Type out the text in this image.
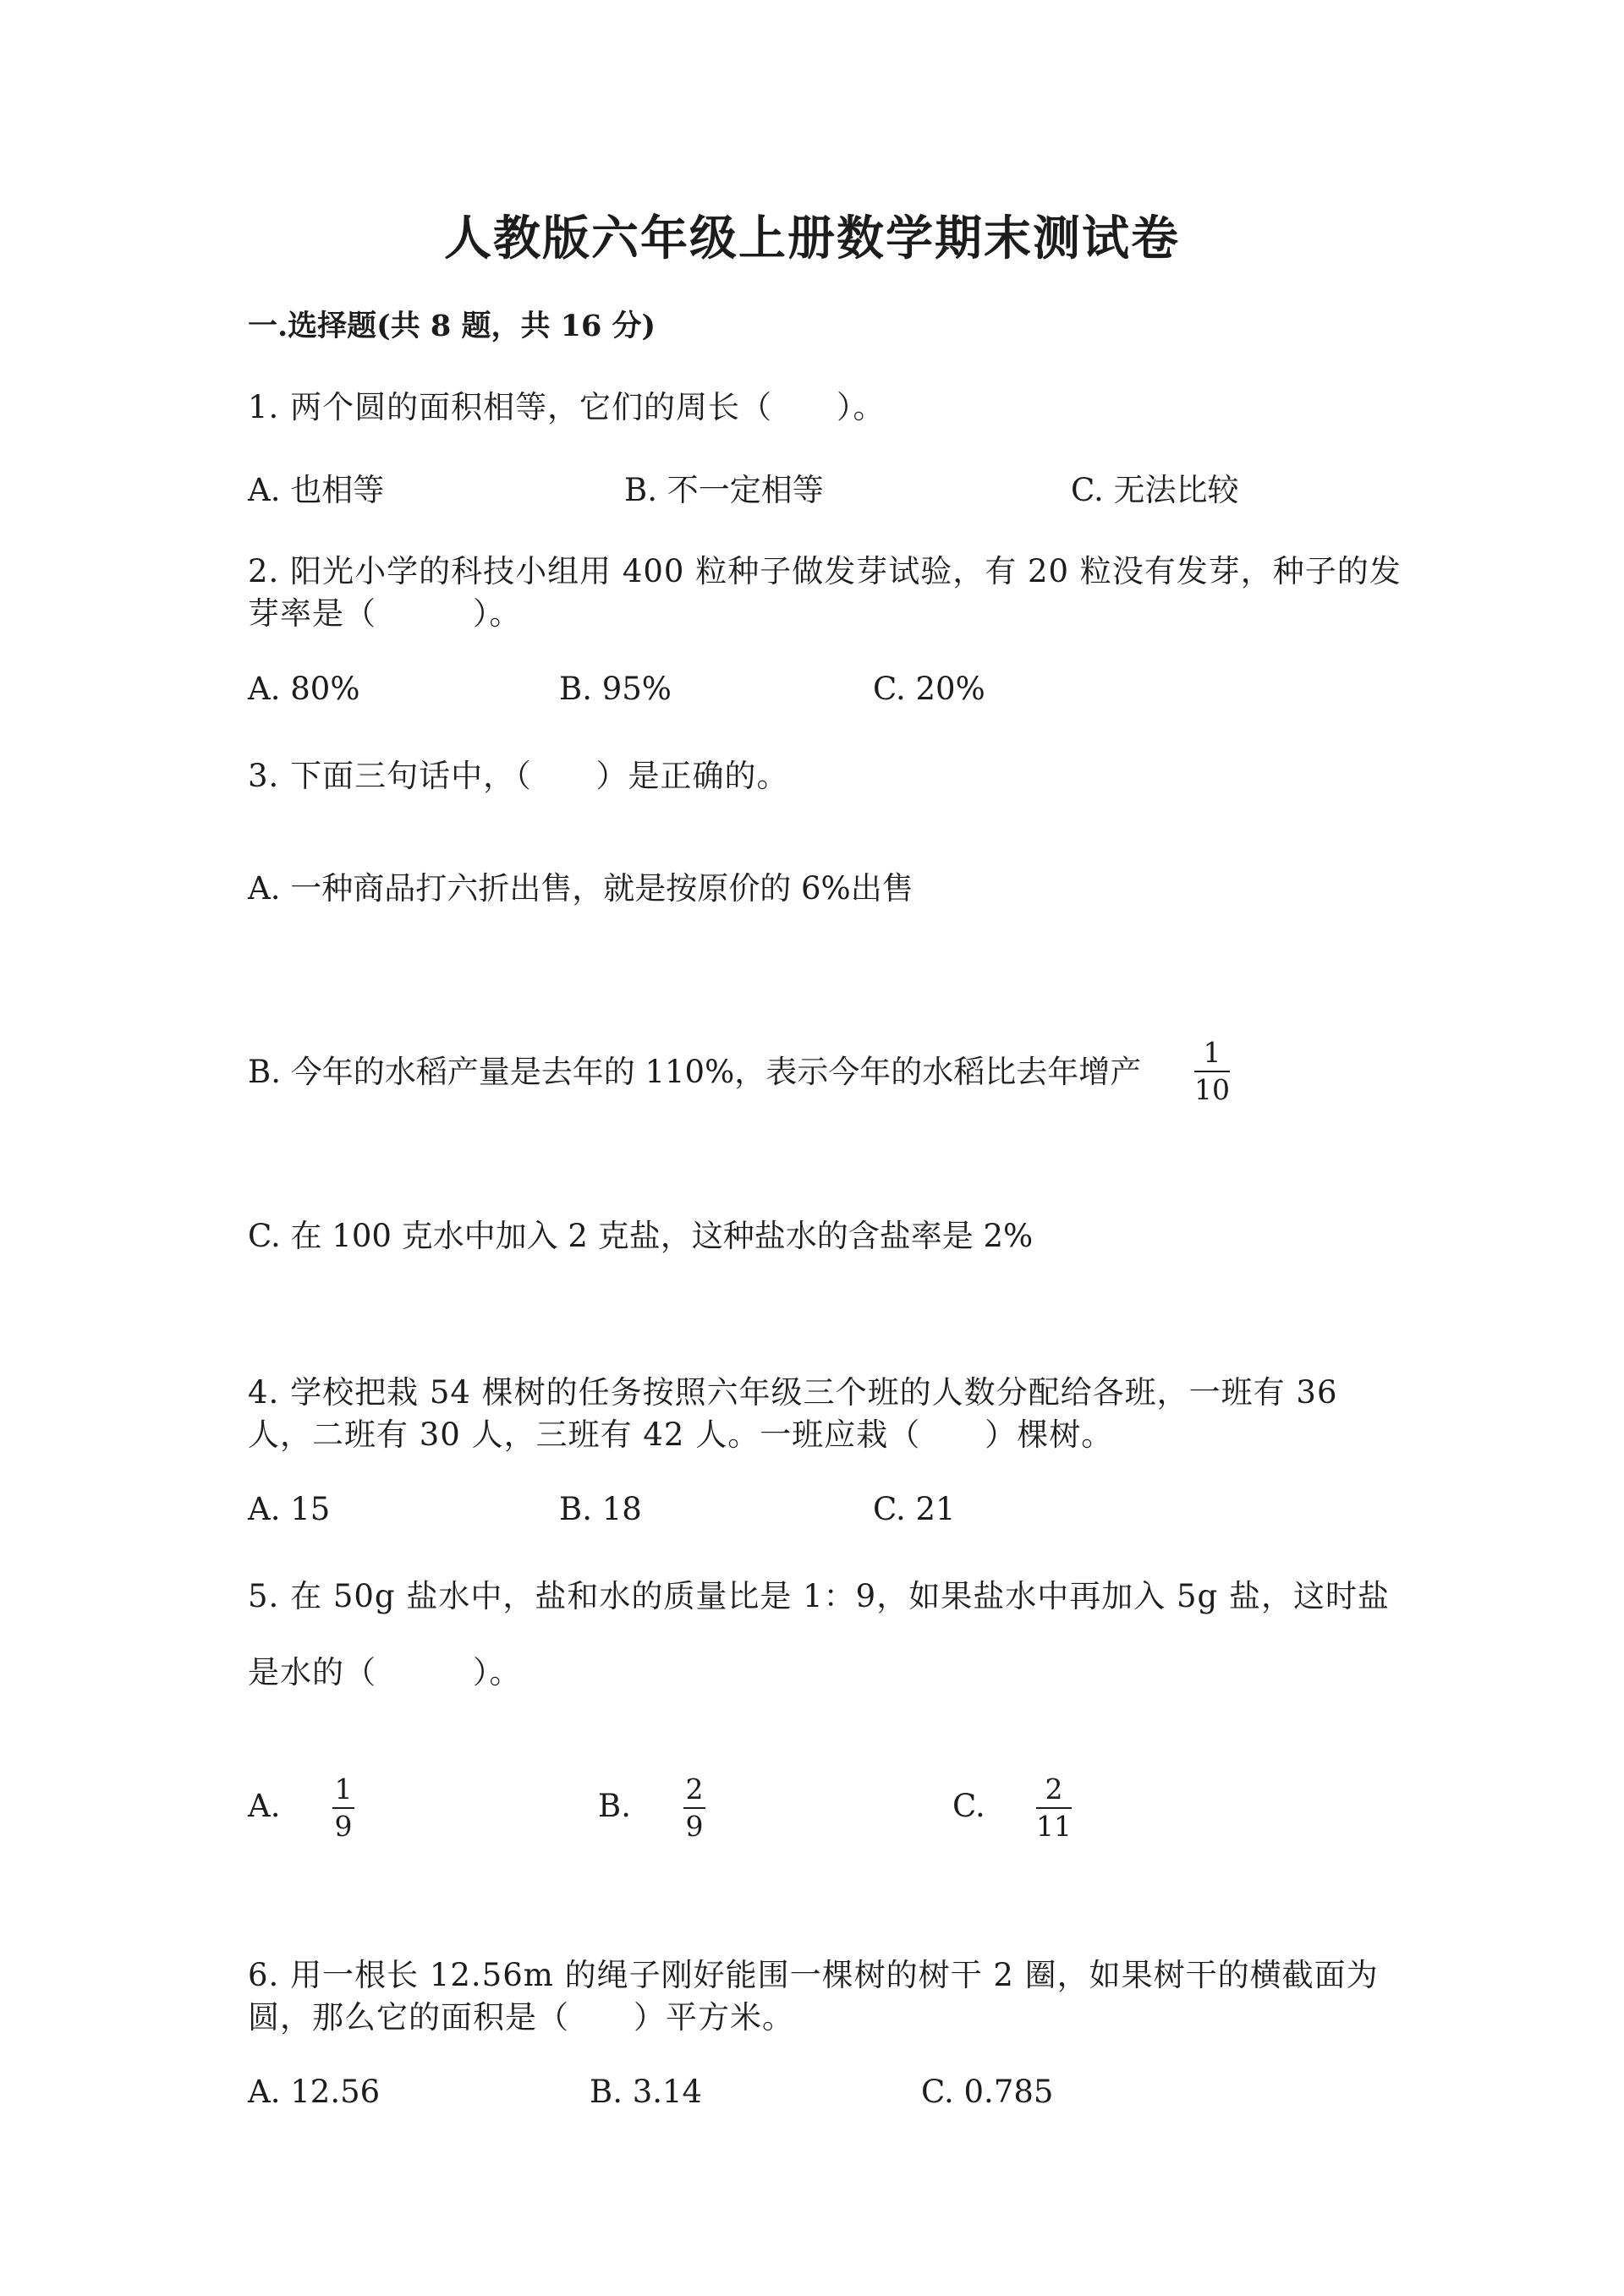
人教版六年级上册数学期末测试卷
一.选择题(共 8 题，共 16 分)
1. 两个圆的面积相等，它们的周长（　　）。
A. 也相等	B. 不一定相等	C. 无法比较
2. 阳光小学的科技小组用 400 粒种子做发芽试验，有 20 粒没有发芽，种子的发
芽率是（　　　）。
A. 80%	B. 95%	C. 20%
3. 下面三句话中，（　　）是正确的。
A. 一种商品打六折出售，就是按原价的 6%出售
B. 今年的水稻产量是去年的 110%，表示今年的水稻比去年增产
1
10
C. 在 100 克水中加入 2 克盐，这种盐水的含盐率是 2%
4. 学校把栽 54 棵树的任务按照六年级三个班的人数分配给各班，一班有 36
人，二班有 30 人，三班有 42 人。一班应栽（　　）棵树。
A. 15	B. 18	C. 21
5. 在 50g 盐水中，盐和水的质量比是 1：9，如果盐水中再加入 5g 盐，这时盐
是水的（　　　）。
A. 1
9
B. 2
9
C. 2
11
6. 用一根长 12.56m 的绳子刚好能围一棵树的树干 2 圈，如果树干的横截面为
圆，那么它的面积是（　　）平方米。
A. 12.56	B. 3.14	C. 0.785
